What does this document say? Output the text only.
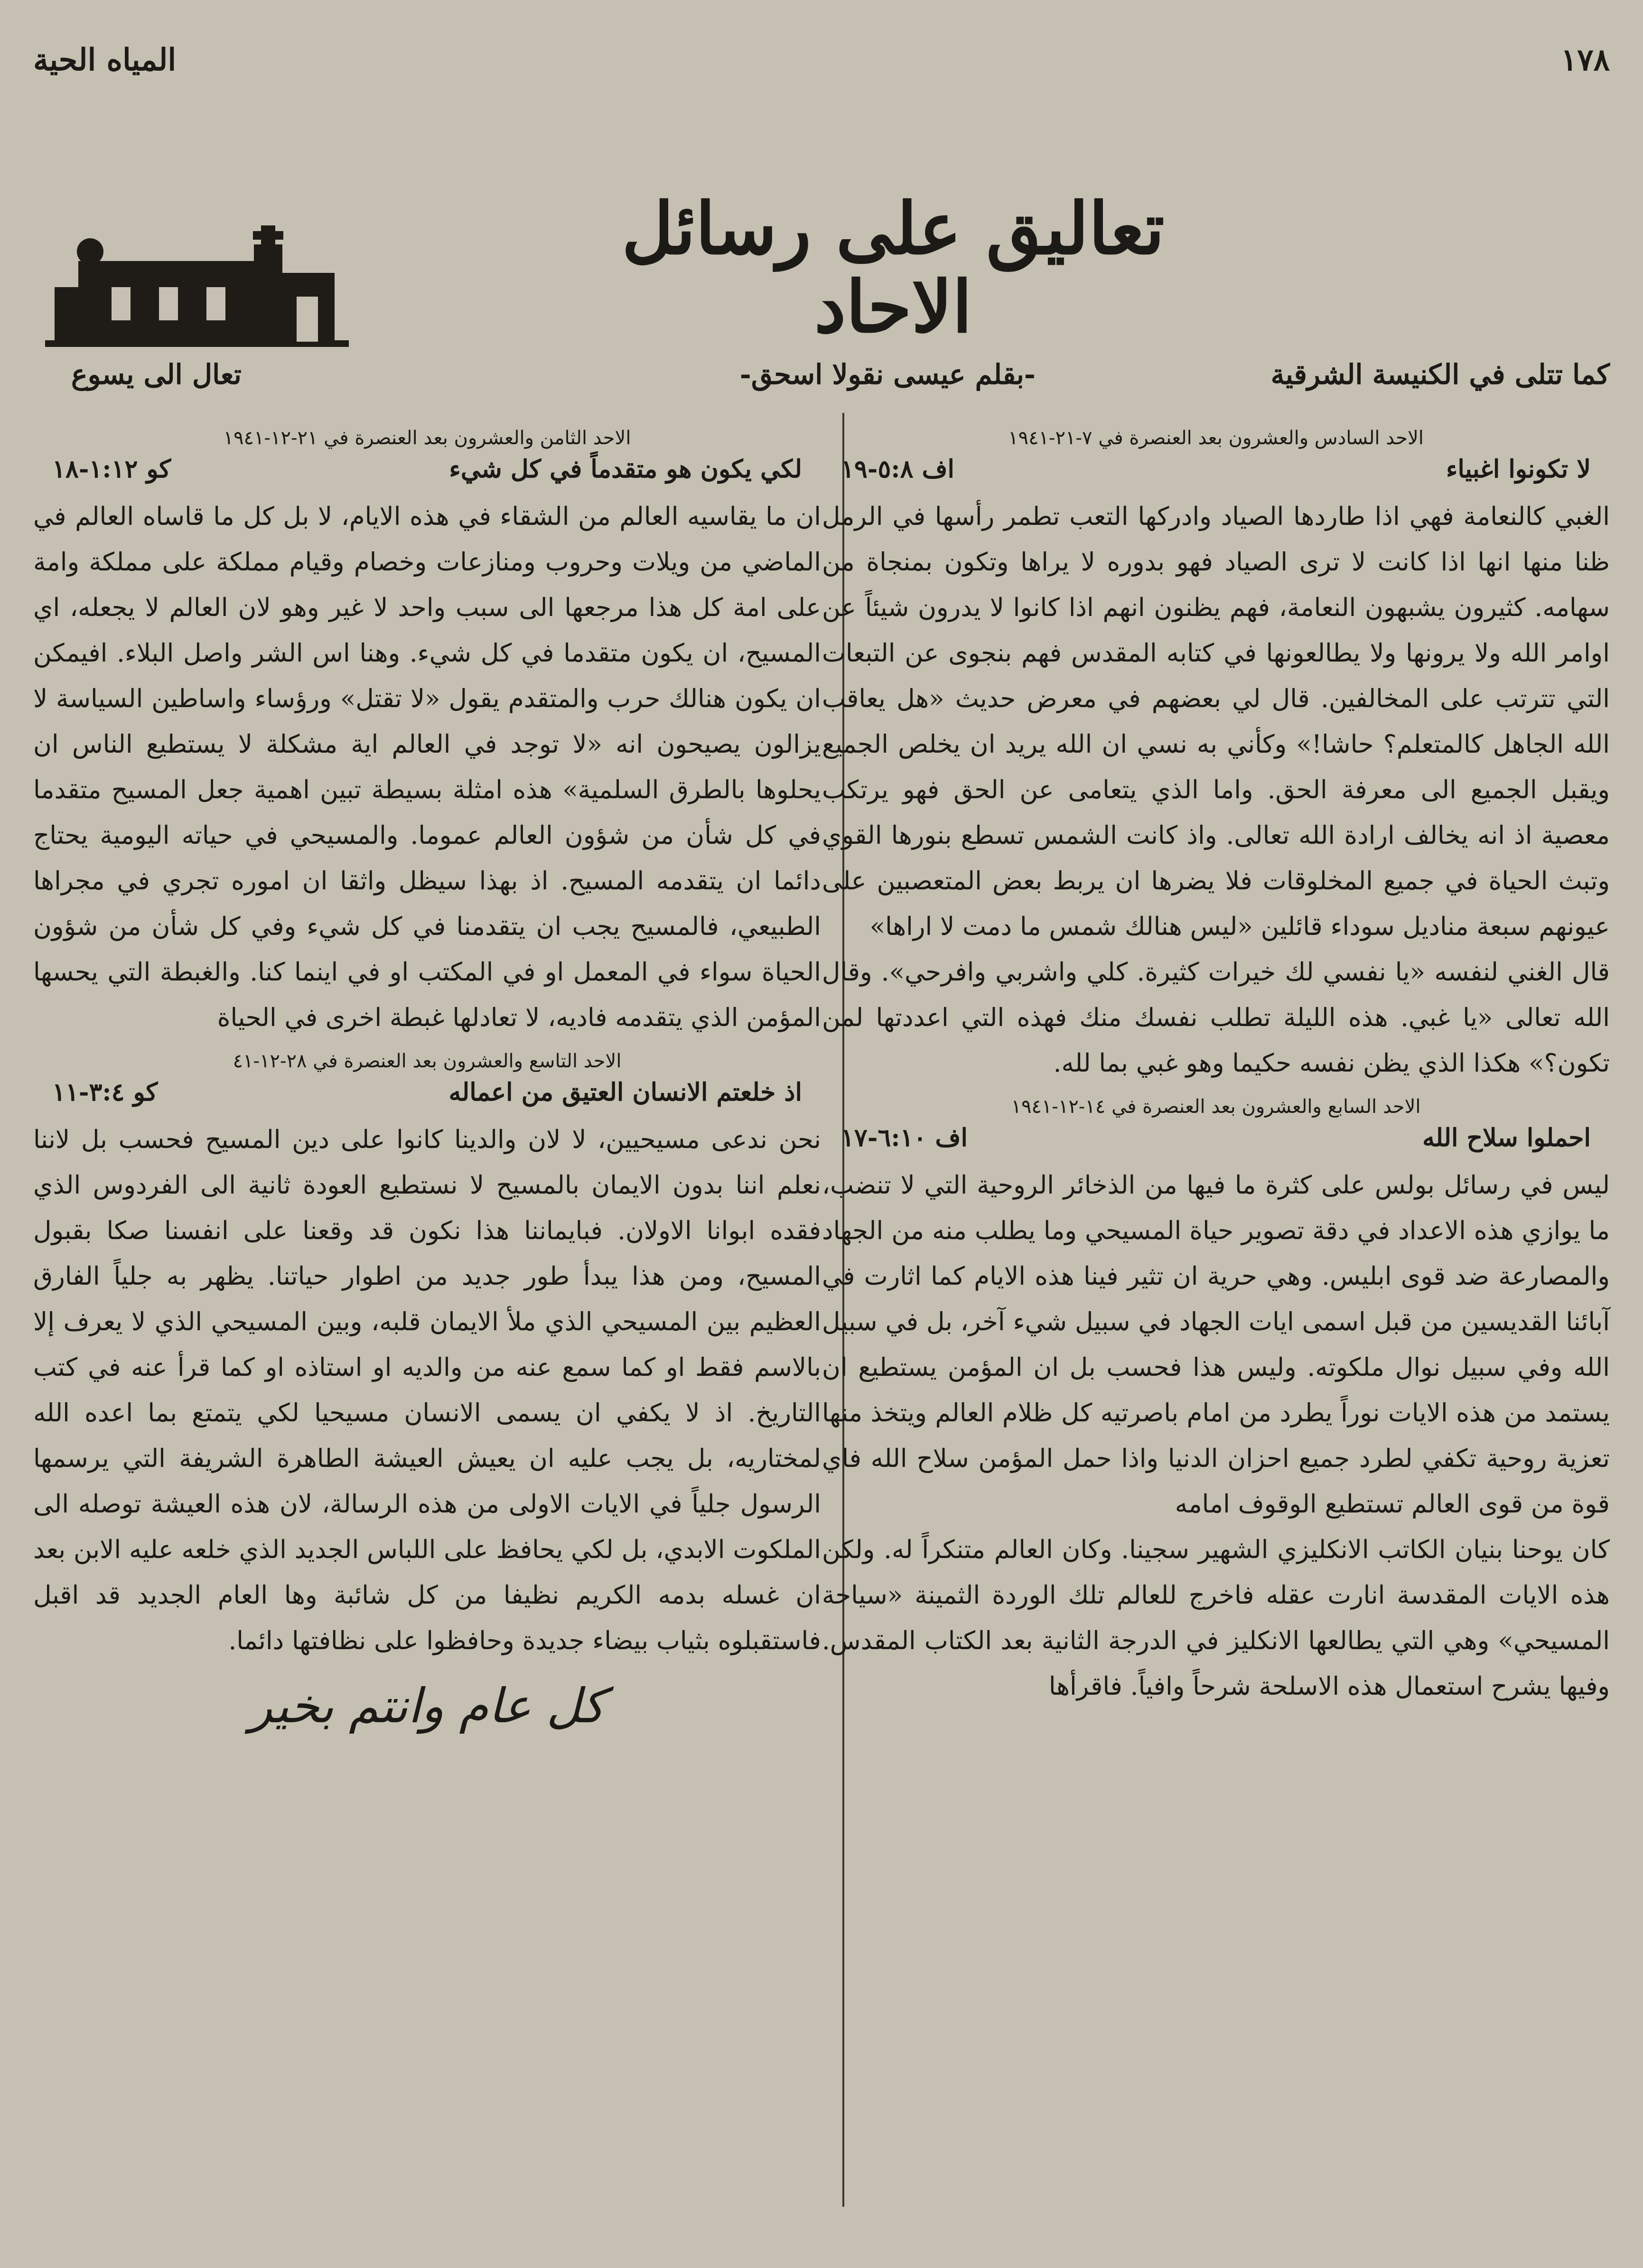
١٧٨
المياه الحية
تعاليق على رسائل الاحاد
كما تتلى في الكنيسة الشرقية
-بقلم عيسى نقولا اسحق-
تعال الى يسوع
الاحد السادس والعشرون بعد العنصرة في ٧-٢١-١٩٤١
لا تكونوا اغبياء
اف ٥:٨-١٩

الغبي كالنعامة فهي اذا طاردها الصياد وادركها التعب تطمر رأسها في الرمل ظنا منها انها اذا كانت لا ترى الصياد فهو بدوره لا يراها وتكون بمنجاة من سهامه. كثيرون يشبهون النعامة، فهم يظنون انهم اذا كانوا لا يدرون شيئاً عن اوامر الله ولا يرونها ولا يطالعونها في كتابه المقدس فهم بنجوى عن التبعات التي تترتب على المخالفين. قال لي بعضهم في معرض حديث «هل يعاقب الله الجاهل كالمتعلم؟ حاشا!» وكأني به نسي ان الله يريد ان يخلص الجميع ويقبل الجميع الى معرفة الحق. واما الذي يتعامى عن الحق فهو يرتكب معصية اذ انه يخالف ارادة الله تعالى. واذ كانت الشمس تسطع بنورها القوي وتبث الحياة في جميع المخلوقات فلا يضرها ان يربط بعض المتعصبين على عيونهم سبعة مناديل سوداء قائلين «ليس هنالك شمس ما دمت لا اراها»

قال الغني لنفسه «يا نفسي لك خيرات كثيرة. كلي واشربي وافرحي». وقال الله تعالى «يا غبي. هذه الليلة تطلب نفسك منك فهذه التي اعددتها لمن تكون؟» هكذا الذي يظن نفسه حكيما وهو غبي بما لله.

الاحد السابع والعشرون بعد العنصرة في ١٤-١٢-١٩٤١
احملوا سلاح الله
اف ٦:١٠-١٧

ليس في رسائل بولس على كثرة ما فيها من الذخائر الروحية التي لا تنضب، ما يوازي هذه الاعداد في دقة تصوير حياة المسيحي وما يطلب منه من الجهاد والمصارعة ضد قوى ابليس. وهي حرية ان تثير فينا هذه الايام كما اثارت في آبائنا القديسين من قبل اسمى ايات الجهاد في سبيل شيء آخر، بل في سبيل الله وفي سبيل نوال ملكوته. وليس هذا فحسب بل ان المؤمن يستطيع ان يستمد من هذه الايات نوراً يطرد من امام باصرتيه كل ظلام العالم ويتخذ منها تعزية روحية تكفي لطرد جميع احزان الدنيا واذا حمل المؤمن سلاح الله فاي قوة من قوى العالم تستطيع الوقوف امامه

كان يوحنا بنيان الكاتب الانكليزي الشهير سجينا. وكان العالم متنكراً له. ولكن هذه الايات المقدسة انارت عقله فاخرج للعالم تلك الوردة الثمينة «سياحة المسيحي» وهي التي يطالعها الانكليز في الدرجة الثانية بعد الكتاب المقدس. وفيها يشرح استعمال هذه الاسلحة شرحاً وافياً. فاقرأها

الاحد الثامن والعشرون بعد العنصرة في ٢١-١٢-١٩٤١
لكي يكون هو متقدماً في كل شيء
كو ١:١٢-١٨

ان ما يقاسيه العالم من الشقاء في هذه الايام، لا بل كل ما قاساه العالم في الماضي من ويلات وحروب ومنازعات وخصام وقيام مملكة على مملكة وامة على امة كل هذا مرجعها الى سبب واحد لا غير وهو لان العالم لا يجعله، اي المسيح، ان يكون متقدما في كل شيء. وهنا اس الشر واصل البلاء. افيمكن ان يكون هنالك حرب والمتقدم يقول «لا تقتل» ورؤساء واساطين السياسة لا يزالون يصيحون انه «لا توجد في العالم اية مشكلة لا يستطيع الناس ان يحلوها بالطرق السلمية» هذه امثلة بسيطة تبين اهمية جعل المسيح متقدما في كل شأن من شؤون العالم عموما. والمسيحي في حياته اليومية يحتاج دائما ان يتقدمه المسيح. اذ بهذا سيظل واثقا ان اموره تجري في مجراها الطبيعي، فالمسيح يجب ان يتقدمنا في كل شيء وفي كل شأن من شؤون الحياة سواء في المعمل او في المكتب او في اينما كنا. والغبطة التي يحسها المؤمن الذي يتقدمه فاديه، لا تعادلها غبطة اخرى في الحياة

الاحد التاسع والعشرون بعد العنصرة في ٢٨-١٢-٤١
اذ خلعتم الانسان العتيق من اعماله
كو ٣:٤-١١

نحن ندعى مسيحيين، لا لان والدينا كانوا على دين المسيح فحسب بل لاننا نعلم اننا بدون الايمان بالمسيح لا نستطيع العودة ثانية الى الفردوس الذي فقده ابوانا الاولان. فبايماننا هذا نكون قد وقعنا على انفسنا صكا بقبول المسيح، ومن هذا يبدأ طور جديد من اطوار حياتنا. يظهر به جلياً الفارق العظيم بين المسيحي الذي ملأ الايمان قلبه، وبين المسيحي الذي لا يعرف إلا بالاسم فقط او كما سمع عنه من والديه او استاذه او كما قرأ عنه في كتب التاريخ. اذ لا يكفي ان يسمى الانسان مسيحيا لكي يتمتع بما اعده الله لمختاريه، بل يجب عليه ان يعيش العيشة الطاهرة الشريفة التي يرسمها الرسول جلياً في الايات الاولى من هذه الرسالة، لان هذه العيشة توصله الى الملكوت الابدي، بل لكي يحافظ على اللباس الجديد الذي خلعه عليه الابن بعد ان غسله بدمه الكريم نظيفا من كل شائبة وها العام الجديد قد اقبل فاستقبلوه بثياب بيضاء جديدة وحافظوا على نظافتها دائما.

كل عام وانتم بخير
